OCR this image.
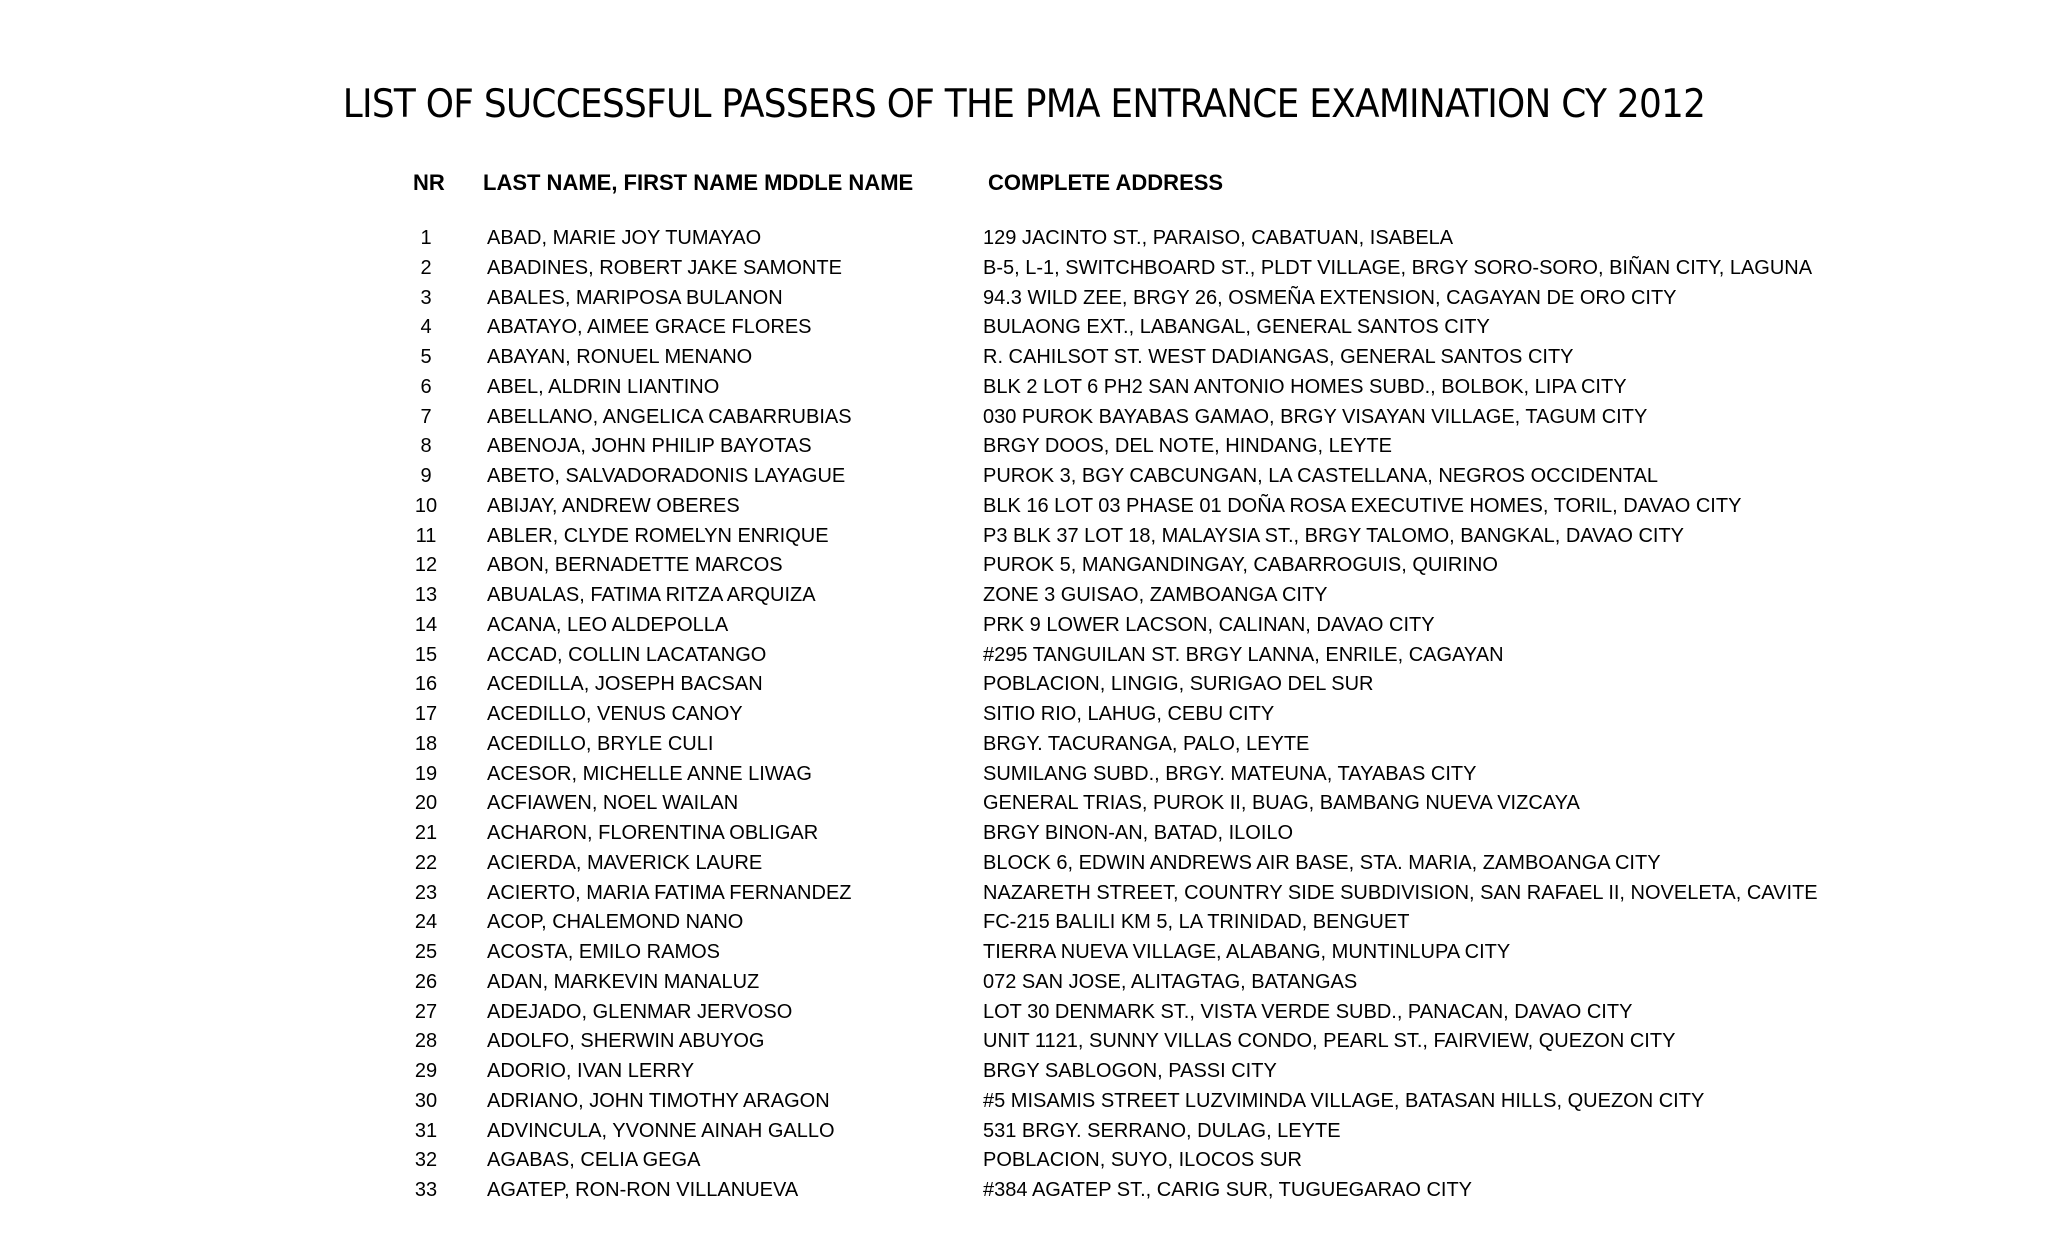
LIST OF SUCCESSFUL PASSERS OF THE PMA ENTRANCE EXAMINATION CY 2012
NR LAST NAME, FIRST NAME MDDLE NAME	COMPLETE ADDRESS
1	ABAD, MARIE JOY TUMAYAO	129 JACINTO ST., PARAISO, CABATUAN, ISABELA
2	ABADINES, ROBERT JAKE SAMONTE	B-5, L-1, SWITCHBOARD ST., PLDT VILLAGE, BRGY SORO-SORO, BIÑAN CITY, LAGUNA
3	ABALES, MARIPOSA BULANON	94.3 WILD ZEE, BRGY 26, OSMEÑA EXTENSION, CAGAYAN DE ORO CITY
4	ABATAYO, AIMEE GRACE FLORES	BULAONG EXT., LABANGAL, GENERAL SANTOS CITY
5	ABAYAN, RONUEL MENANO	R. CAHILSOT ST. WEST DADIANGAS, GENERAL SANTOS CITY
6	ABEL, ALDRIN LIANTINO	BLK 2 LOT 6 PH2 SAN ANTONIO HOMES SUBD., BOLBOK, LIPA CITY
7	ABELLANO, ANGELICA CABARRUBIAS	030 PUROK BAYABAS GAMAO, BRGY VISAYAN VILLAGE, TAGUM CITY
8	ABENOJA, JOHN PHILIP BAYOTAS	BRGY DOOS, DEL NOTE, HINDANG, LEYTE
9	ABETO, SALVADORADONIS LAYAGUE	PUROK 3, BGY CABCUNGAN, LA CASTELLANA, NEGROS OCCIDENTAL
10	ABIJAY, ANDREW OBERES	BLK 16 LOT 03 PHASE 01 DOÑA ROSA EXECUTIVE HOMES, TORIL, DAVAO CITY
11	ABLER, CLYDE ROMELYN ENRIQUE	P3 BLK 37 LOT 18, MALAYSIA ST., BRGY TALOMO, BANGKAL, DAVAO CITY
12	ABON, BERNADETTE MARCOS	PUROK 5, MANGANDINGAY, CABARROGUIS, QUIRINO
13	ABUALAS, FATIMA RITZA ARQUIZA	ZONE 3 GUISAO, ZAMBOANGA CITY
14	ACANA, LEO ALDEPOLLA	PRK 9 LOWER LACSON, CALINAN, DAVAO CITY
15	ACCAD, COLLIN LACATANGO	#295 TANGUILAN ST. BRGY LANNA, ENRILE, CAGAYAN
16	ACEDILLA, JOSEPH BACSAN	POBLACION, LINGIG, SURIGAO DEL SUR
17	ACEDILLO, VENUS CANOY	SITIO RIO, LAHUG, CEBU CITY
18	ACEDILLO, BRYLE CULI	BRGY. TACURANGA, PALO, LEYTE
19	ACESOR, MICHELLE ANNE LIWAG	SUMILANG SUBD., BRGY. MATEUNA, TAYABAS CITY
20	ACFIAWEN, NOEL WAILAN	GENERAL TRIAS, PUROK II, BUAG, BAMBANG NUEVA VIZCAYA
21	ACHARON, FLORENTINA OBLIGAR	BRGY BINON-AN, BATAD, ILOILO
22	ACIERDA, MAVERICK LAURE	BLOCK 6, EDWIN ANDREWS AIR BASE, STA. MARIA, ZAMBOANGA CITY
23	ACIERTO, MARIA FATIMA FERNANDEZ	NAZARETH STREET, COUNTRY SIDE SUBDIVISION, SAN RAFAEL II, NOVELETA, CAVITE
24	ACOP, CHALEMOND NANO	FC-215 BALILI KM 5, LA TRINIDAD, BENGUET
25	ACOSTA, EMILO RAMOS	TIERRA NUEVA VILLAGE, ALABANG, MUNTINLUPA CITY
26	ADAN, MARKEVIN MANALUZ	072 SAN JOSE, ALITAGTAG, BATANGAS
27	ADEJADO, GLENMAR JERVOSO	LOT 30 DENMARK ST., VISTA VERDE SUBD., PANACAN, DAVAO CITY
28	ADOLFO, SHERWIN ABUYOG	UNIT 1121, SUNNY VILLAS CONDO, PEARL ST., FAIRVIEW, QUEZON CITY
29	ADORIO, IVAN LERRY	BRGY SABLOGON, PASSI CITY
30	ADRIANO, JOHN TIMOTHY ARAGON	#5 MISAMIS STREET LUZVIMINDA VILLAGE, BATASAN HILLS, QUEZON CITY
31	ADVINCULA, YVONNE AINAH GALLO	531 BRGY. SERRANO, DULAG, LEYTE
32	AGABAS, CELIA GEGA	POBLACION, SUYO, ILOCOS SUR
33	AGATEP, RON-RON VILLANUEVA	#384 AGATEP ST., CARIG SUR, TUGUEGARAO CITY
